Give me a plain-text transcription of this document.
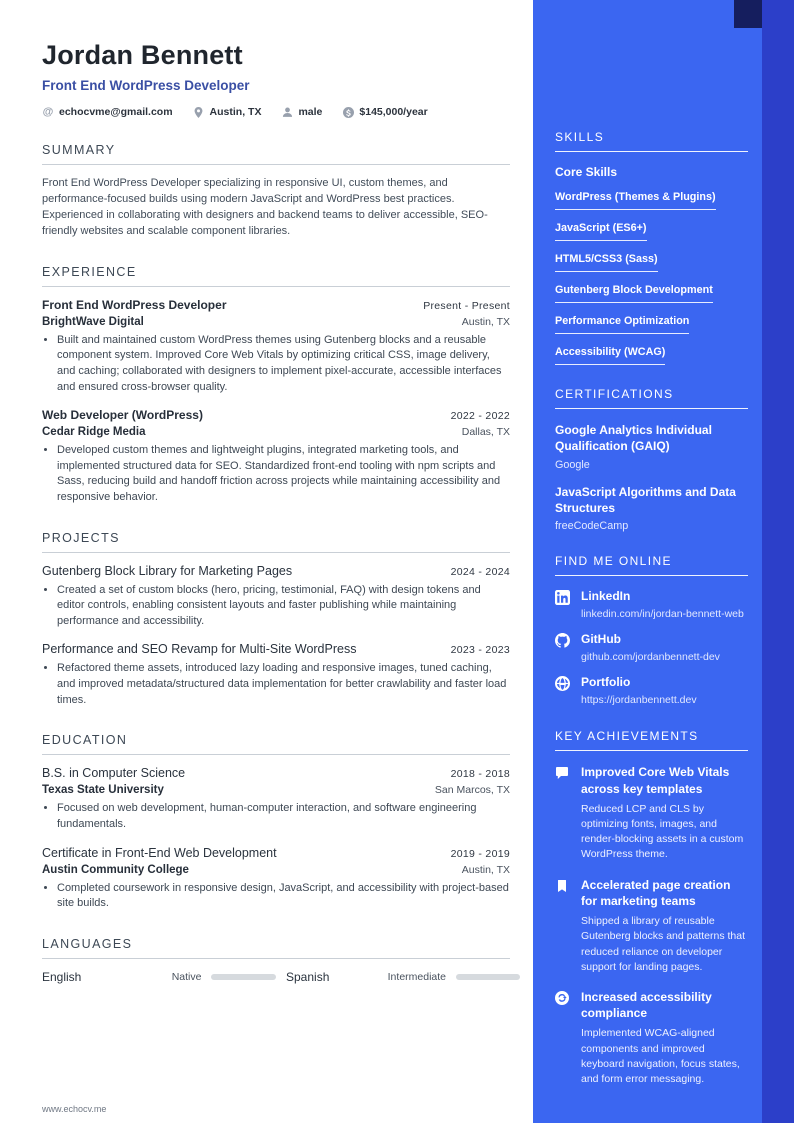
Jordan Bennett
Front End WordPress Developer
@ echocvme@gmail.com	Austin, TX	male	$145,000/year
SUMMARY

Front End WordPress Developer specializing in responsive UI, custom themes, and performance-focused builds using modern JavaScript and WordPress best practices. Experienced in collaborating with designers and backend teams to deliver accessible, SEO-friendly websites and scalable component libraries.

EXPERIENCE
Front End WordPress Developer	Present - Present
BrightWave Digital	Austin, TX
• Built and maintained custom WordPress themes using Gutenberg blocks and a reusable component system. Improved Core Web Vitals by optimizing critical CSS, image delivery, and caching; collaborated with designers to implement pixel-accurate, accessible interfaces and ensured cross-browser quality.
Web Developer (WordPress)	2022 - 2022
Cedar Ridge Media	Dallas, TX
• Developed custom themes and lightweight plugins, integrated marketing tools, and implemented structured data for SEO. Standardized front-end tooling with npm scripts and Sass, reducing build and handoff friction across projects while maintaining accessibility and responsive behavior.
PROJECTS
Gutenberg Block Library for Marketing Pages	2024 - 2024
• Created a set of custom blocks (hero, pricing, testimonial, FAQ) with design tokens and editor controls, enabling consistent layouts and faster publishing while maintaining performance and accessibility.
Performance and SEO Revamp for Multi-Site WordPress	2023 - 2023
• Refactored theme assets, introduced lazy loading and responsive images, tuned caching, and improved metadata/structured data implementation for better crawlability and faster load times.
EDUCATION
B.S. in Computer Science	2018 - 2018
Texas State University	San Marcos, TX
• Focused on web development, human-computer interaction, and software engineering fundamentals.
Certificate in Front-End Web Development	2019 - 2019
Austin Community College	Austin, TX
• Completed coursework in responsive design, JavaScript, and accessibility with project-based site builds.
LANGUAGES
English	Native	Spanish	Intermediate
www.echocv.me
SKILLS
Core Skills
WordPress (Themes & Plugins)
JavaScript (ES6+)
HTML5/CSS3 (Sass)
Gutenberg Block Development
Performance Optimization
Accessibility (WCAG)
CERTIFICATIONS
Google Analytics Individual Qualification (GAIQ)
Google
JavaScript Algorithms and Data Structures
freeCodeCamp
FIND ME ONLINE
LinkedIn
linkedin.com/in/jordan-bennett-web
GitHub
github.com/jordanbennett-dev
Portfolio
https://jordanbennett.dev
KEY ACHIEVEMENTS
Improved Core Web Vitals across key templates
Reduced LCP and CLS by optimizing fonts, images, and render-blocking assets in a custom WordPress theme.
Accelerated page creation for marketing teams
Shipped a library of reusable Gutenberg blocks and patterns that reduced reliance on developer support for landing pages.
Increased accessibility compliance
Implemented WCAG-aligned components and improved keyboard navigation, focus states, and form error messaging.
